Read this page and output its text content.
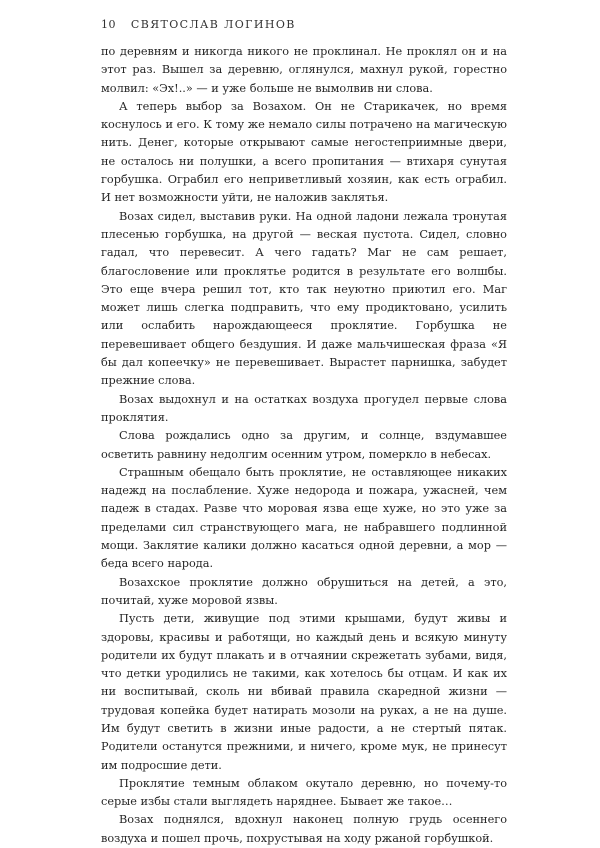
10 СВЯТОСЛАВ ЛОГИНОВ

по деревням и никогда никого не проклинал. Не проклял он и на этот раз. Вышел за деревню, оглянулся, махнул рукой, горестно молвил: «Эх!..» — и уже больше не вымолвив ни слова.

А теперь выбор за Возахом. Он не Старикачек, но время коснулось и его. К тому же немало силы потрачено на магическую нить. Денег, которые открывают самые негостеприимные двери, не осталось ни полушки, а всего пропитания — втихаря сунутая горбушка. Ограбил его неприветливый хозяин, как есть ограбил. И нет возможности уйти, не наложив заклятья.

Возах сидел, выставив руки. На одной ладони лежала тронутая плесенью горбушка, на другой — веская пустота. Сидел, словно гадал, что перевесит. А чего гадать? Маг не сам решает, благословение или проклятье родится в результате его волшбы. Это еще вчера решил тот, кто так неуютно приютил его. Маг может лишь слегка подправить, что ему продиктовано, усилить или ослабить нарождающееся проклятие. Горбушка не перевешивает общего бездушия. И даже мальчишеская фраза «Я бы дал копеечку» не перевешивает. Вырастет парнишка, забудет прежние слова.

Возах выдохнул и на остатках воздуха прогудел первые слова проклятия.

Слова рождались одно за другим, и солнце, вздумавшее осветить равнину недолгим осенним утром, померкло в небесах.

Страшным обещало быть проклятие, не оставляющее никаких надежд на послабление. Хуже недорода и пожара, ужасней, чем падеж в стадах. Разве что моровая язва еще хуже, но это уже за пределами сил странствующего мага, не набравшего подлинной мощи. Заклятие калики должно касаться одной деревни, а мор — беда всего народа.

Возахское проклятие должно обрушиться на детей, а это, почитай, хуже моровой язвы.

Пусть дети, живущие под этими крышами, будут живы и здоровы, красивы и работящи, но каждый день и всякую минуту родители их будут плакать и в отчаянии скрежетать зубами, видя, что детки уродились не такими, как хотелось бы отцам. И как их ни воспитывай, сколь ни вбивай правила скаредной жизни — трудовая копейка будет натирать мозоли на руках, а не на душе. Им будут светить в жизни иные радости, а не стертый пятак. Родители останутся прежними, и ничего, кроме мук, не принесут им подросшие дети.

Проклятие темным облаком окутало деревню, но почему-то серые избы стали выглядеть наряднее. Бывает же такое…

Возах поднялся, вдохнул наконец полную грудь осеннего воздуха и пошел прочь, похрустывая на ходу ржаной горбушкой.
